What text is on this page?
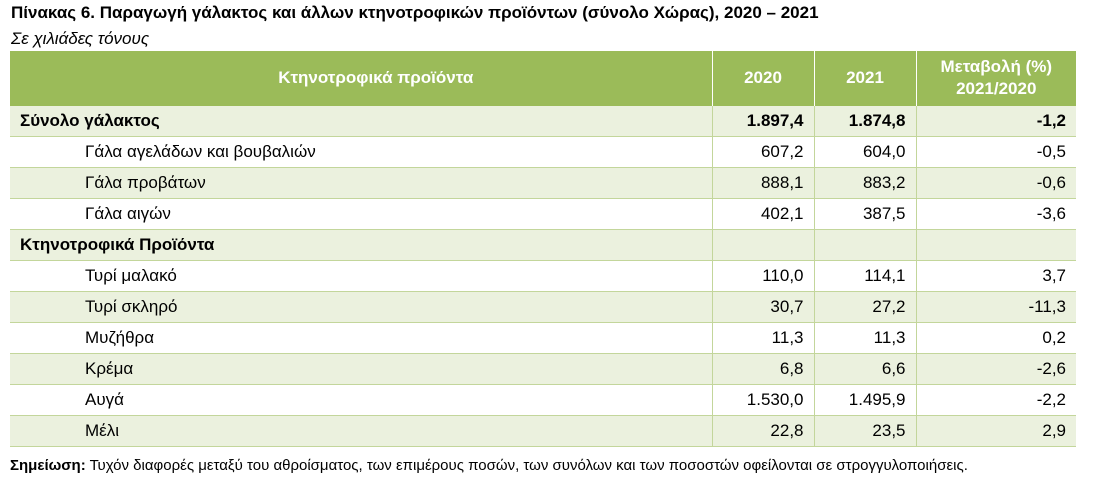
Πίνακας 6. Παραγωγή γάλακτος και άλλων κτηνοτροφικών προϊόντων (σύνολο Χώρας), 2020 – 2021
Σε χιλιάδες τόνους
Κτηνοτροφικά προϊόντα	2020	2021	Μεταβολή (%)
2021/2020

Σύνολο γάλακτος	1.897,4	1.874,8	-1,2
Γάλα αγελάδων και βουβαλιών	607,2	604,0	-0,5
Γάλα προβάτων	888,1	883,2	-0,6
Γάλα αιγών	402,1	387,5	-3,6
Κτηνοτροφικά Προϊόντα			
Τυρί μαλακό	110,0	114,1	3,7
Τυρί σκληρό	30,7	27,2	-11,3
Μυζήθρα	11,3	11,3	0,2
Κρέμα	6,8	6,6	-2,6
Αυγά	1.530,0	1.495,9	-2,2
Μέλι	22,8	23,5	2,9
Σημείωση: Τυχόν διαφορές μεταξύ του αθροίσματος, των επιμέρους ποσών, των συνόλων και των ποσοστών οφείλονται σε στρογγυλοποιήσεις.
